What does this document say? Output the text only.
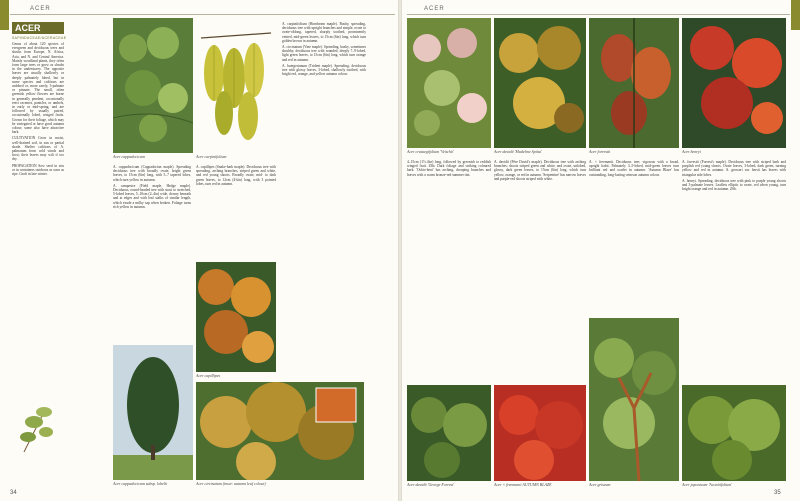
ACER
ACER
SAPINDACEAE/ACERACEAE
Genus of about 120 species of evergreen and deciduous trees and shrubs from Europe, N. Africa, Asia, and N. and Central America. Mainly woodland plants, they often form large trees or grow as shrubs in the understorey. The opposite leaves are usually shallowly or deeply palmately lobed, but in some species and cultivars are unlobed or, more rarely, 3-palmate or pinnate. The small, often greenish yellow flowers are borne in generally pendent, occasionally erect racemes, panicles, or umbels, in early or mid-spring, and are followed by usually paired, occasionally lobed, winged fruits. Grown for their foliage, which may be variegated or have good autumn colour; some also have attractive bark.
CULTIVATION Grow in moist, well-drained soil, in sun or partial shade. Shelter cultivars of A. palmatum from cold winds and frost; their leaves may wilt if too dry.
PROPAGATION Sow seed in situ or in containers outdoors as soon as ripe. Graft in late winter.
Acer cappadocicum	Acer carpinifolium

A. cappadocicum (Cappadocian maple). Spreading deciduous tree with broadly ovate, bright green leaves, to 15cm (6in) long, with 5–7 tapered lobes, which turn yellow in autumn.

A. campestre (Field maple, Hedge maple). Deciduous, round-headed tree with stout to stretched, 5-lobed leaves, 5–10cm (2–4in) wide, downy beneath and at edges and with leaf stalks of similar length, which exude a milky sap when broken. Foliage turns rich yellow in autumn.

A. capillipes (Snake-bark maple). Deciduous tree with spreading, arching branches, striped green and white, and red young shoots. Broadly ovate, mid- to dark green leaves, to 12cm (4¾in) long, with 3 pointed lobes, turn red in autumn.

A. carpinifolium (Hornbeam maple). Bushy, spreading, deciduous tree with upright branches and simple, ovate to ovate-oblong, tapered, sharply toothed, prominently veined, mid-green leaves, to 15cm (6in) long, which turn golden brown in autumn.

A. circinatum (Vine maple). Spreading, bushy, sometimes shrubby, deciduous tree with rounded, deeply 7–9-lobed, light green leaves, to 15cm (6in) long, which turn orange and red in autumn.

A. buergerianum (Trident maple). Spreading, deciduous tree with glossy leaves, 3-lobed, shallowly toothed, with bright red, orange, and yellow autumn colour.

Acer cappadocicum subsp. lobelii
Acer capillipes
Acer circinatum (inset: autumn leaf colour)
34
ACER
Acer crataegifolium 'Veitchii'	Acer davidii 'Madeline Spitta'	Acer forrestii	Acer henryi

4–15cm (1½–6in) long, followed by greenish to reddish winged fruit. Z6b. Dark foliage and striking coloured bark. 'Oshio-beni' has arching, drooping branches and leaves with a warm bronze-red summer tint.

A. davidii (Père David's maple). Deciduous tree with arching branches; shoots striped green and white, and ovate, unlobed, glossy, dark green leaves, to 15cm (6in) long, which turn yellow, orange, or red in autumn. 'Serpentine' has narrow leaves and purple-red shoots striped with white.

A. × freemanii. Deciduous tree; vigorous with a broad, upright habit. Palmately 3–5-lobed, mid-green leaves turn brilliant red and scarlet in autumn. 'Autumn Blaze' has outstanding, long-lasting crimson autumn colour.

A. forrestii (Forrest's maple). Deciduous tree with striped bark and purplish red young shoots. Ovate leaves, 3-lobed, dark green, turning yellow and red in autumn. A. grosseri var. hersii has leaves with triangular side lobes.

A. henryi. Spreading, deciduous tree with pink to purple young shoots and 3-palmate leaves. Leaflets elliptic to ovate, red when young, turn bright orange and red in autumn. Z6b.

Acer davidii 'George Forrest'	Acer × freemanii AUTUMN BLAZE	Acer griseum	Acer japonicum 'Aconitifolium'
35
